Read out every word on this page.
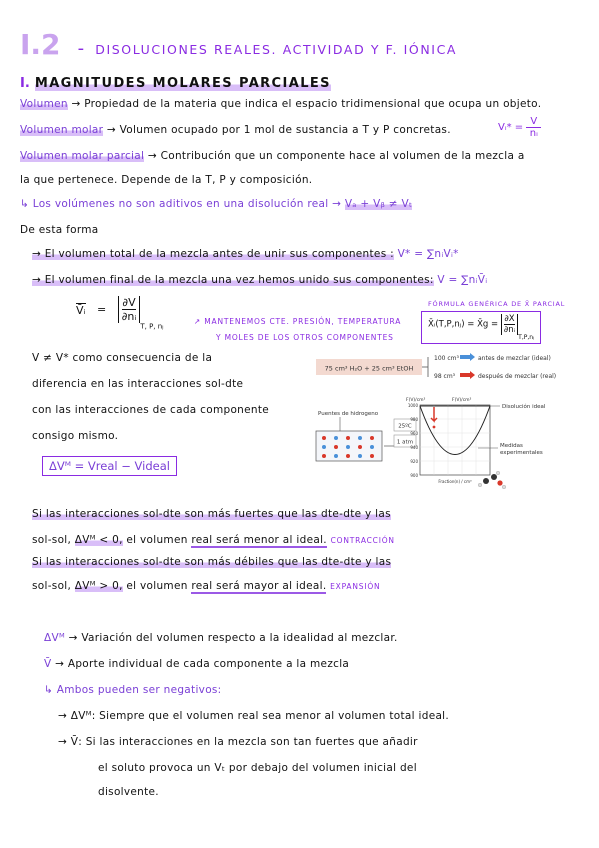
I.2 - DISOLUCIONES REALES. ACTIVIDAD Y F. IÓNICA
I. MAGNITUDES MOLARES PARCIALES
Volumen → Propiedad de la materia que indica el espacio tridimensional que ocupa un objeto.
Volumen molar → Volumen ocupado por 1 mol de sustancia a T y P concretas.	Vᵢ* = $\frac{V}{\text{nᵢ}}$
Volumen molar parcial → Contribución que un componente hace al volumen de la mezcla a
la que pertenece. Depende de la T, P y composición.
↳ Los volúmenes no son aditivos en una disolución real → Vₐ + Vᵦ ≠ Vₜ
De esta forma
→ El volumen total de la mezcla antes de unir sus componentes : V* = ∑nᵢVᵢ*
→ El volumen final de la mezcla una vez hemos unido sus componentes: V = ∑nᵢV̄ᵢ
V̄ᵢ = $\frac{\partial V}{\text{∂nᵢ}}$
$_{T, P, nⱼ}$
↗ MANTENEMOS CTE. PRESIÓN, TEMPERATURA
Y MOLES DE LOS OTROS COMPONENTES
FÓRMULA GENÉRICA DE X̄ PARCIAL
X̄ᵢ(T,P,nⱼ) = X̄g = $\frac{\partial X}{\text{∂nᵢ}}$
$_{T,P,nⱼ}$
V ≠ V* como consecuencia de la
diferencia en las interacciones sol-dte
con las interacciones de cada componente
consigo mismo.
ΔVᴹ = Vreal − Videal
75 cm³ H₂O + 25 cm³ EtOH
100 cm³	antes de mezclar (ideal)
98 cm³	después de mezclar (real)
Puentes de hidrogeno
25ºC
1 atm
F(V)/cm³	F(V)/cm³
1000
980
960
940
920
900
Fraction(n) / cm³
Disolución ideal
Medidas
experimentales
Si las interacciones sol-dte son más fuertes que las dte-dte y las
sol-sol, ΔVᴹ < 0, el volumen real será menor al ideal. CONTRACCIÓN
Si las interacciones sol-dte son más débiles que las dte-dte y las
sol-sol, ΔVᴹ > 0, el volumen real será mayor al ideal. EXPANSIÓN
ΔVᴹ → Variación del volumen respecto a la idealidad al mezclar.
V̄ → Aporte individual de cada componente a la mezcla
↳ Ambos pueden ser negativos:
→ ΔVᴹ: Siempre que el volumen real sea menor al volumen total ideal.
→ V̄: Si las interacciones en la mezcla son tan fuertes que añadir
el soluto provoca un Vₜ por debajo del volumen inicial del
disolvente.
